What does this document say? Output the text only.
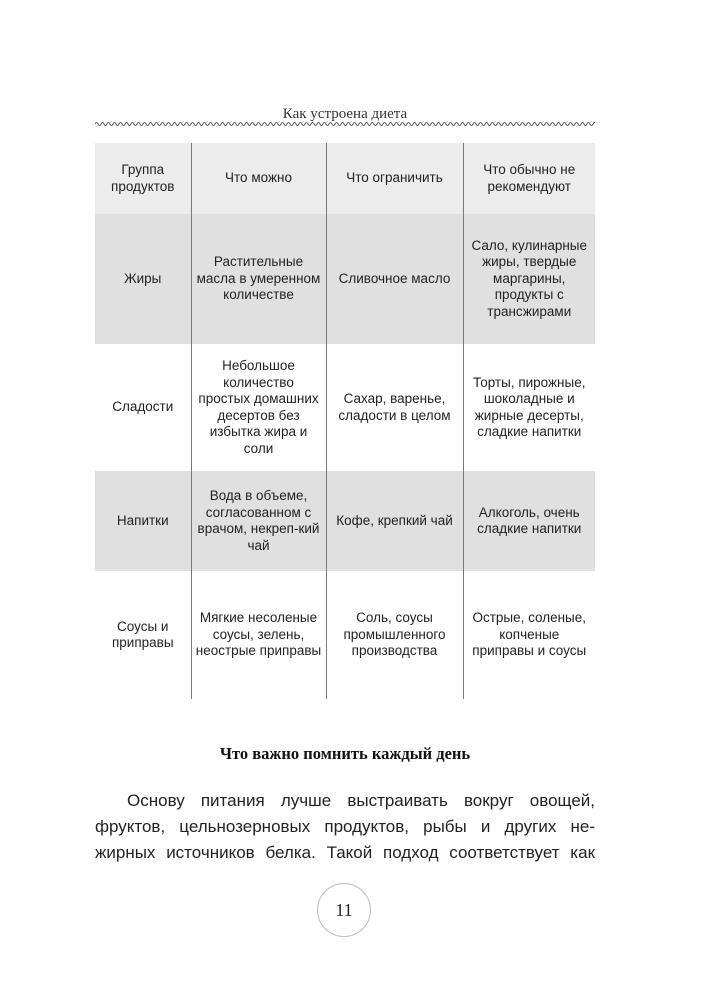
Как устроена диета
Группа продуктов	Что можно	Что ограничить	Что обычно не рекомендуют
Жиры	Растительные масла в умеренном количестве	Сливочное масло	Сало, кулинарные жиры, твердые маргарины, продукты с трансжирами
Сладости	Небольшое количество простых домашних десертов без избытка жира и соли	Сахар, варенье, сладости в целом	Торты, пирожные, шоколадные и жирные десерты, сладкие напитки
Напитки	Вода в объеме, согласованном с врачом, некреп-кий чай	Кофе, крепкий чай	Алкоголь, очень сладкие напитки
Соусы и приправы	Мягкие несоленые соусы, зелень, неострые приправы	Соль, соусы промышленного производства	Острые, соленые, копченые приправы и соусы
Что важно помнить каждый день

Основу питания лучше выстраивать вокруг овощей,
фруктов, цельнозерновых продуктов, рыбы и других не-
жирных источников белка. Такой подход соответствует как

11
